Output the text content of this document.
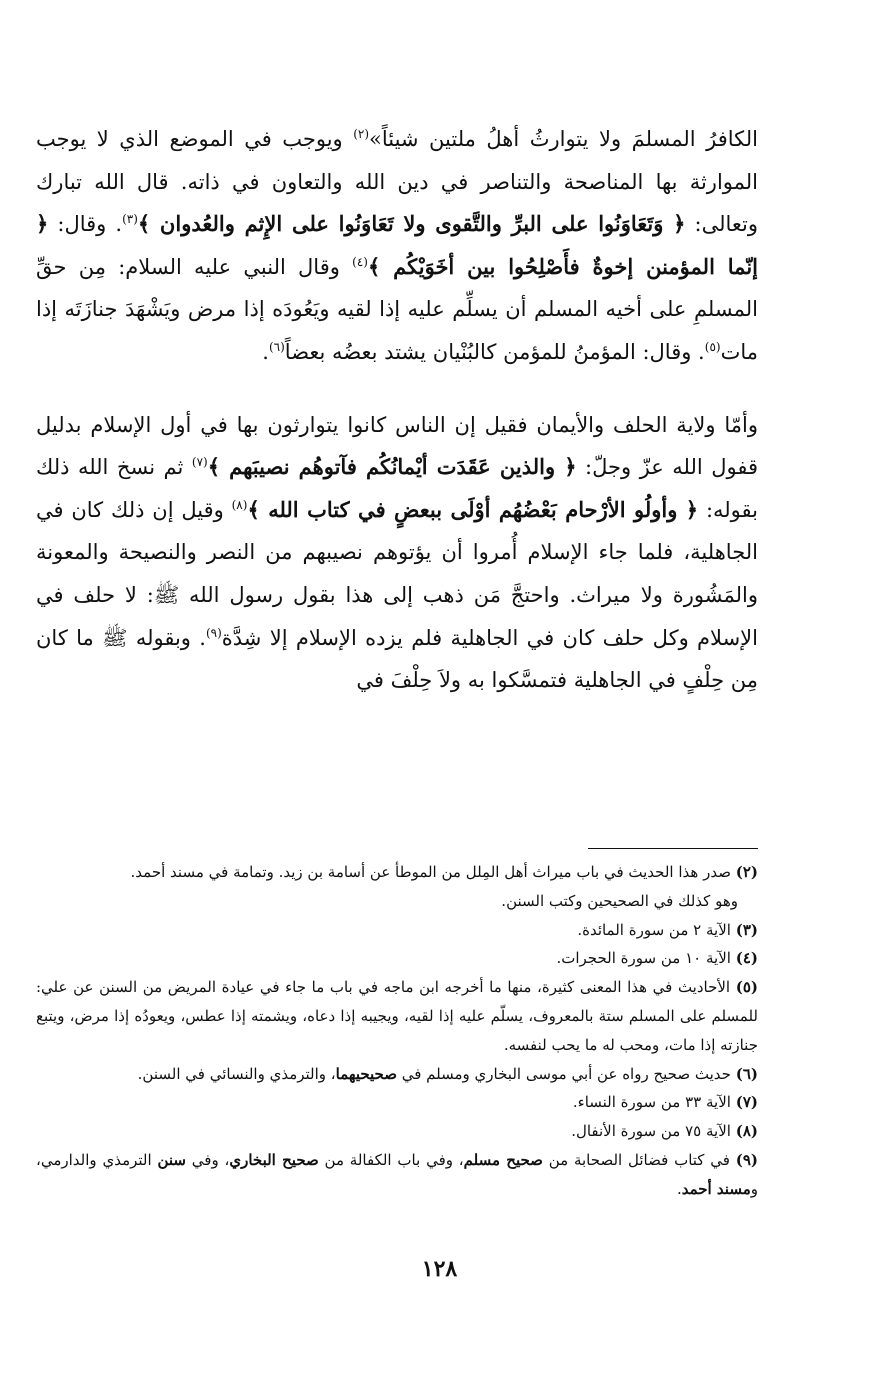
الكافرُ المسلمَ ولا يتوارثُ أهلُ ملتين شيئاً»$^{(٢)}$ ويوجب في الموضع الذي لا يوجب الموارثة بها المناصحة والتناصر في دين الله والتعاون في ذاته. قال الله تبارك وتعالى: ﴿ وَتَعَاوَنُوا على البرِّ والتَّقوى ولا تَعَاوَنُوا على الإِثم والعُدوان ﴾$^{(٣)}$. وقال: ﴿ إنّما المؤمنن إخوةٌ فأَصْلِحُوا بين أخَوَيْكُم ﴾$^{(٤)}$ وقال النبي عليه السلام: مِن حقِّ المسلمِ على أخيه المسلم أن يسلِّم عليه إذا لقيه ويَعُودَه إذا مرض ويَشْهَدَ جنازَتَه إذا مات$^{(٥)}$. وقال: المؤمنُ للمؤمن كالبُنْيان يشتد بعضُه بعضاً$^{(٦)}$.

وأمّا ولاية الحلف والأيمان فقيل إن الناس كانوا يتوارثون بها في أول الإسلام بدليل قفول الله عزّ وجلّ: ﴿ والذين عَقَدَت أيْمانُكُم فآتوهُم نصيبَهم ﴾$^{(٧)}$ ثم نسخ الله ذلك بقوله: ﴿ وأولُو الأرْحام بَعْضُهُم أوْلَى ببعضٍ في كتاب الله ﴾$^{(٨)}$ وقيل إن ذلك كان في الجاهلية، فلما جاء الإسلام أُمروا أن يؤتوهم نصيبهم من النصر والنصيحة والمعونة والمَشُورة ولا ميراث. واحتجَّ مَن ذهب إلى هذا بقول رسول الله ﷺ: لا حلف في الإسلام وكل حلف كان في الجاهلية فلم يزده الإسلام إلا شِدَّة$^{(٩)}$. وبقوله ﷺ ما كان مِن حِلْفٍ في الجاهلية فتمسَّكوا به ولاَ حِلْفَ في

(٢) صدر هذا الحديث في باب ميراث أهل المِلل من الموطأ عن أسامة بن زيد. وتمامة في مسند أحمد.

وهو كذلك في الصحيحين وكتب السنن.

(٣) الآية ٢ من سورة المائدة.

(٤) الآية ١٠ من سورة الحجرات.

(٥) الأحاديث في هذا المعنى كثيرة، منها ما أخرجه ابن ماجه في باب ما جاء في عيادة المريض من السنن عن علي: للمسلم على المسلم ستة بالمعروف، يسلّم عليه إذا لقيه، ويجيبه إذا دعاه، ويشمته إذا عطس، ويعودُه إذا مرض، ويتبع جنازته إذا مات، ومحب له ما يحب لنفسه.

(٦) حديث صحيح رواه عن أبي موسى البخاري ومسلم في صحيحيهما، والترمذي والنسائي في السنن.

(٧) الآية ٣٣ من سورة النساء.

(٨) الآية ٧٥ من سورة الأنفال.

(٩) في كتاب فضائل الصحابة من صحيح مسلم، وفي باب الكفالة من صحيح البخاري، وفي سنن الترمذي والدارمي، ومسند أحمد.

١٢٨
